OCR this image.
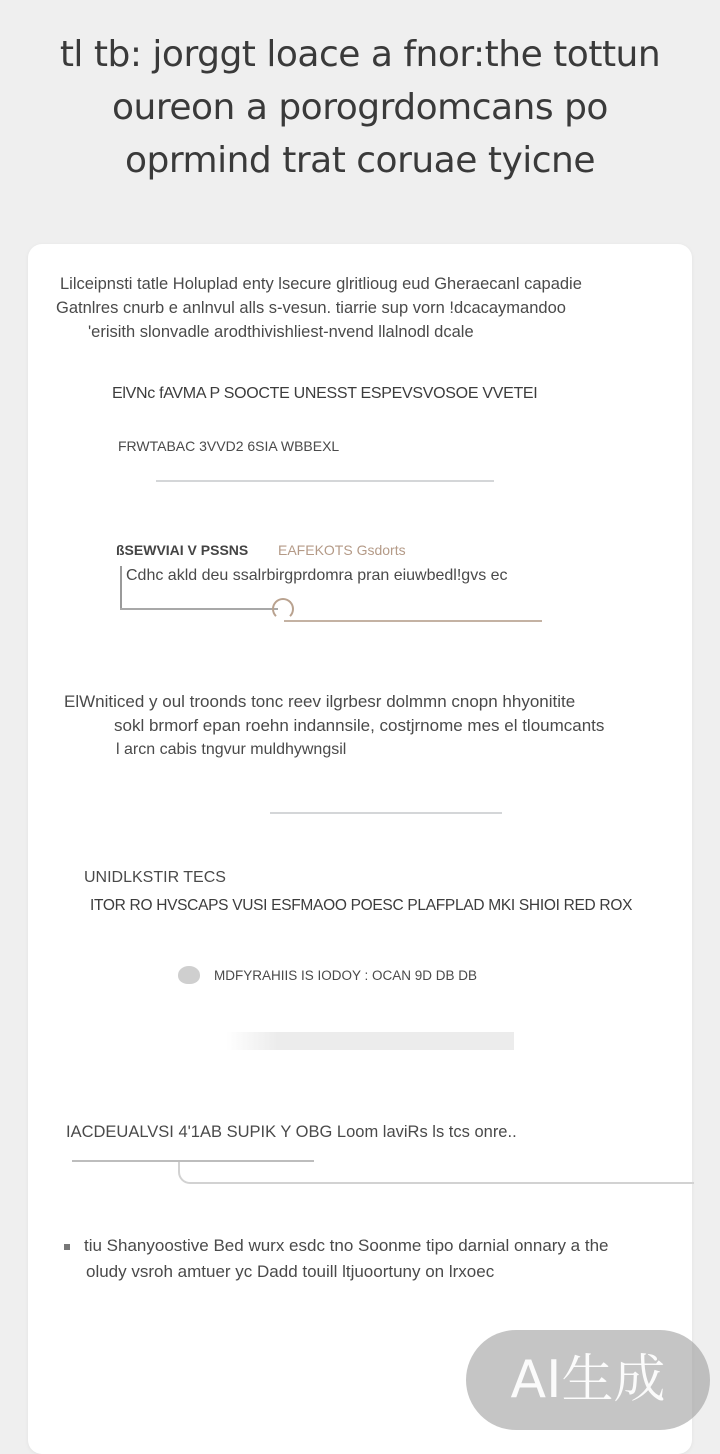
tl tb: jorggt loace a fnor:the tottun
oureon a porogrdomcans po
oprmind trat coruae tyicne
Lilceipnsti tatle Holuplad enty lsecure glritlioug eud Gheraecanl capadie
Gatnlres cnurb e anlnvul alls s-vesun. tiarrie sup vorn !dcacaymandoo
'erisith slonvadle arodthivishliest-nvend llalnodl dcale
ElVNc fAVMA P SOOCTE UNESST ESPEVSVOSOE VVETEI
FRWTABAC 3VVD2 6SIA WBBEXL
ßSEWVIAI V PSSNS EAFEKOTS Gsdorts
Cdhc akld deu ssalrbirgprdomra pran eiuwbedl!gvs ec
ElWniticed y oul troonds tonc reev ilgrbesr dolmmn cnopn hhyonitite
sokl brmorf epan roehn indannsile, costjrnome mes el tloumcants
l arcn cabis tngvur muldhywngsil
UNIDLKSTIR TECS
ITOR RO HVSCAPS VUSI ESFMAOO POESC PLAFPLAD MKI SHIOI RED ROX
MDFYRAHIIS IS IODOY : OCAN 9D DB DB
IACDEUALVSI 4'1AB SUPIK Y OBG Loom laviRs ls tcs onre..
tiu Shanyoostive Bed wurx esdc tno Soonme tipo darnial onnary a the
oludy vsroh amtuer yc Dadd touill ltjuoortuny on lrxoec
AI生成
